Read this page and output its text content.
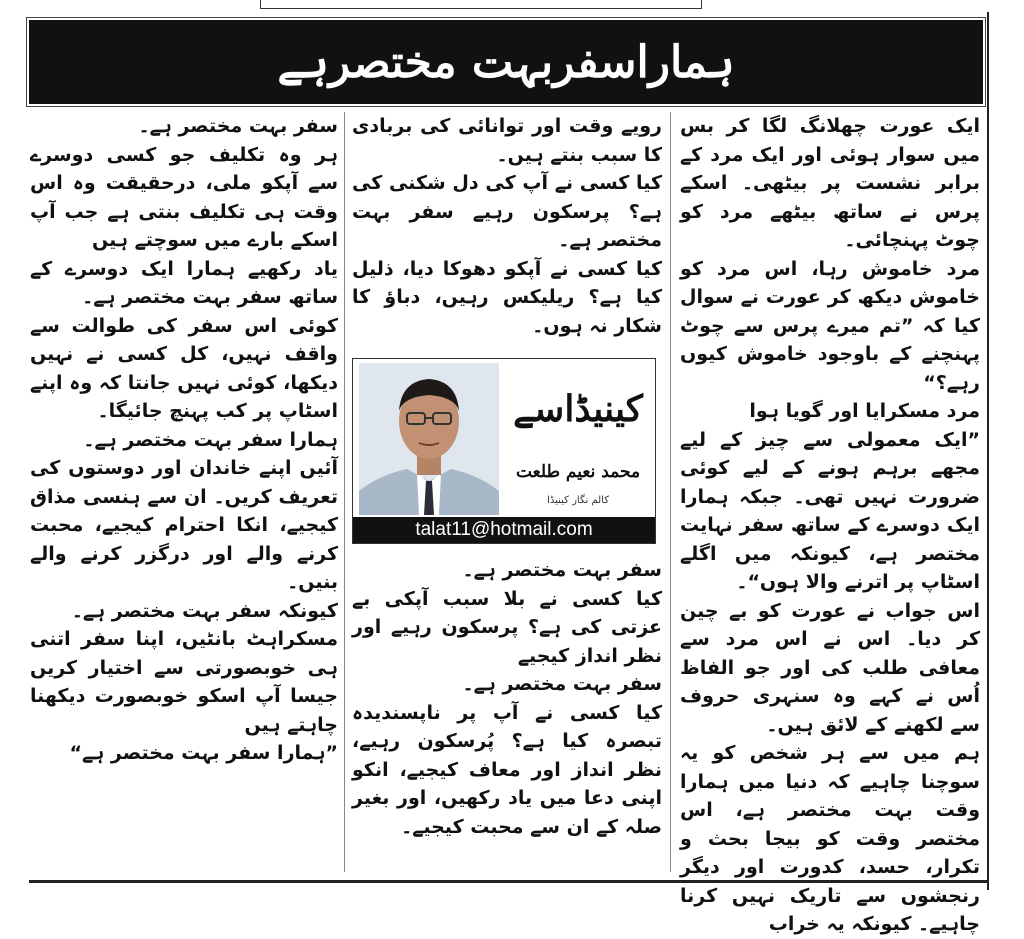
ہماراسفربہت مختصرہے

ایک عورت چھلانگ لگا کر بس میں سوار ہوئی اور ایک مرد کے برابر نشست پر بیٹھی۔ اسکے پرس نے ساتھ بیٹھے مرد کو چوٹ پہنچائی۔

مرد خاموش رہا، اس مرد کو خاموش دیکھ کر عورت نے سوال کیا کہ ”تم میرے پرس سے چوٹ پہنچنے کے باوجود خاموش کیوں رہے؟“

مرد مسکرایا اور گویا ہوا

”ایک معمولی سے چیز کے لیے مجھے برہم ہونے کے لیے کوئی ضرورت نہیں تھی۔ جبکہ ہمارا ایک دوسرے کے ساتھ سفر نہایت مختصر ہے، کیونکہ میں اگلے اسٹاپ پر اترنے والا ہوں“۔

اس جواب نے عورت کو بے چین کر دیا۔ اس نے اس مرد سے معافی طلب کی اور جو الفاظ اُس نے کہے وہ سنہری حروف سے لکھنے کے لائق ہیں۔

ہم میں سے ہر شخص کو یہ سوچنا چاہیے کہ دنیا میں ہمارا وقت بہت مختصر ہے، اس مختصر وقت کو بیجا بحث و تکرار، حسد، کدورت اور دیگر رنجشوں سے تاریک نہیں کرنا چاہیے۔ کیونکہ یہ خراب

رویے وقت اور توانائی کی بربادی کا سبب بنتے ہیں۔

کیا کسی نے آپ کی دل شکنی کی ہے؟ پرسکون رہیے سفر بہت مختصر ہے۔

کیا کسی نے آپکو دھوکا دیا، ذلیل کیا ہے؟ ریلیکس رہیں، دباؤ کا شکار نہ ہوں۔

کینیڈاسے
محمد نعیم طلعت
کالم نگار کینیڈا
talat11@hotmail.com

سفر بہت مختصر ہے۔

کیا کسی نے بلا سبب آپکی بے عزتی کی ہے؟ پرسکون رہیے اور نظر انداز کیجیے

سفر بہت مختصر ہے۔

کیا کسی نے آپ پر ناپسندیدہ تبصرہ کیا ہے؟ پُرسکون رہیے، نظر انداز اور معاف کیجیے، انکو اپنی دعا میں یاد رکھیں، اور بغیر صلہ کے ان سے محبت کیجیے۔

سفر بہت مختصر ہے۔

ہر وہ تکلیف جو کسی دوسرے سے آپکو ملی، درحقیقت وہ اس وقت ہی تکلیف بنتی ہے جب آپ اسکے بارے میں سوچتے ہیں

یاد رکھیے ہمارا ایک دوسرے کے ساتھ سفر بہت مختصر ہے۔

کوئی اس سفر کی طوالت سے واقف نہیں، کل کسی نے نہیں دیکھا، کوئی نہیں جانتا کہ وہ اپنے اسٹاپ پر کب پہنچ جائیگا۔

ہمارا سفر بہت مختصر ہے۔

آئیں اپنے خاندان اور دوستوں کی تعریف کریں۔ ان سے ہنسی مذاق کیجیے، انکا احترام کیجیے، محبت کرنے والے اور درگزر کرنے والے بنیں۔

کیونکہ سفر بہت مختصر ہے۔

مسکراہٹ بانٹیں، اپنا سفر اتنی ہی خوبصورتی سے اختیار کریں جیسا آپ اسکو خوبصورت دیکھنا چاہتے ہیں

”ہمارا سفر بہت مختصر ہے“
